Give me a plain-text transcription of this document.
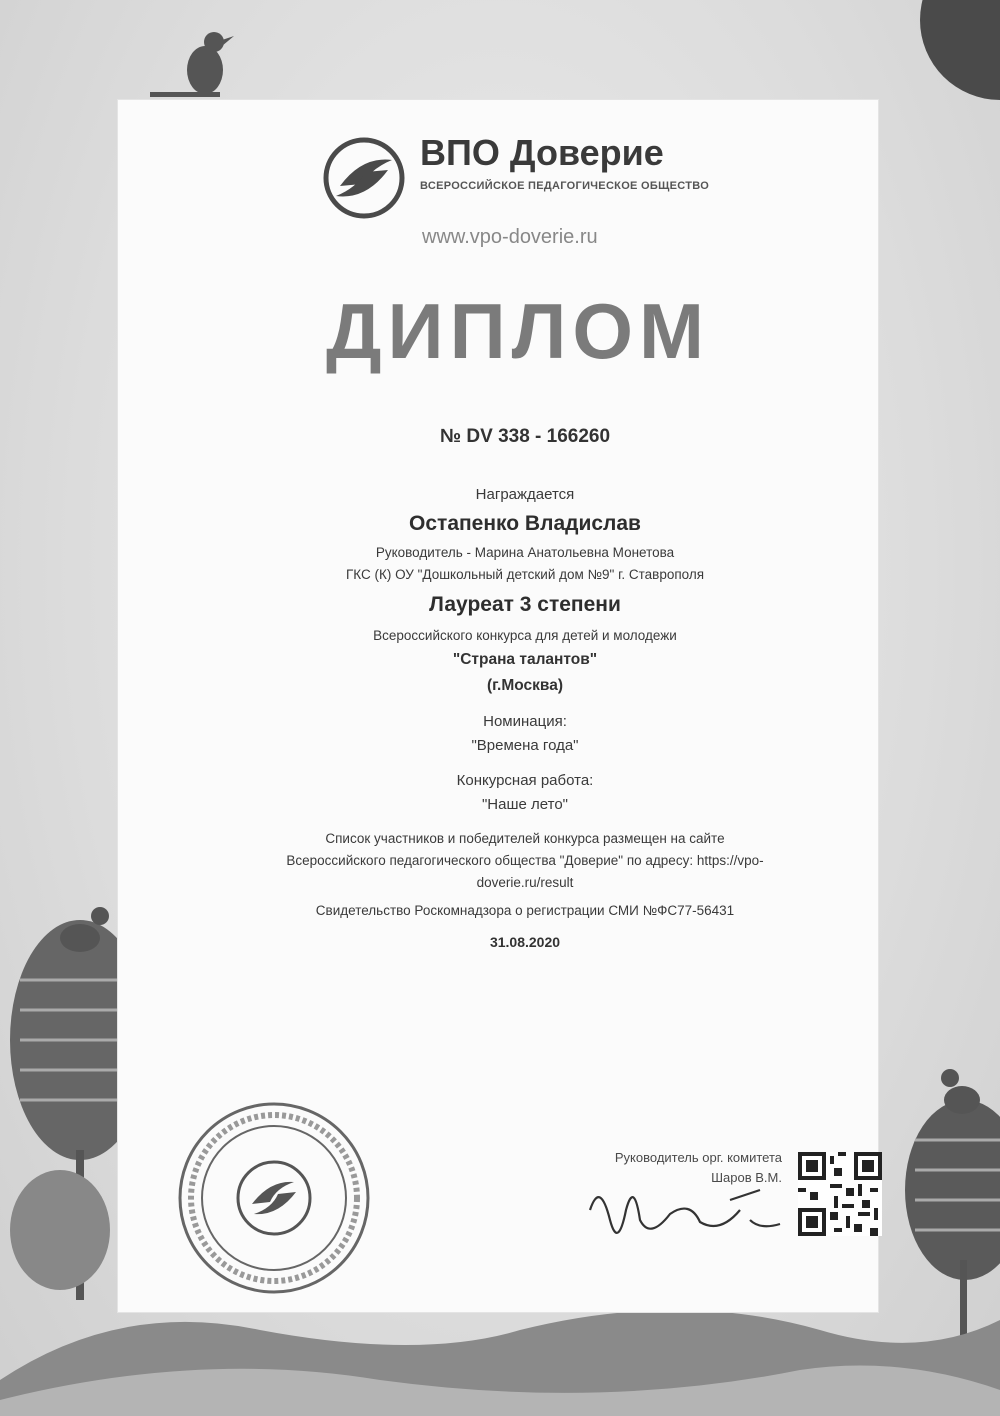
ВПО Доверие
ВСЕРОССИЙСКОЕ ПЕДАГОГИЧЕСКОЕ ОБЩЕСТВО
www.vpo-doverie.ru
ДИПЛОМ
№ DV 338 - 166260
Награждается
Остапенко Владислав
Руководитель - Марина Анатольевна Монетова
ГКС (К) ОУ "Дошкольный детский дом №9" г. Ставрополя
Лауреат 3 степени
Всероссийского конкурса для детей и молодежи
"Страна талантов"
(г.Москва)
Номинация:
"Времена года"
Конкурсная работа:
"Наше лето"
Список участников и победителей конкурса размещен на сайте
Всероссийского педагогического общества "Доверие" по адресу: https://vpo-
doverie.ru/result
Свидетельство Роскомнадзора о регистрации СМИ №ФС77-56431
31.08.2020
Руководитель орг. комитета
Шаров В.М.
